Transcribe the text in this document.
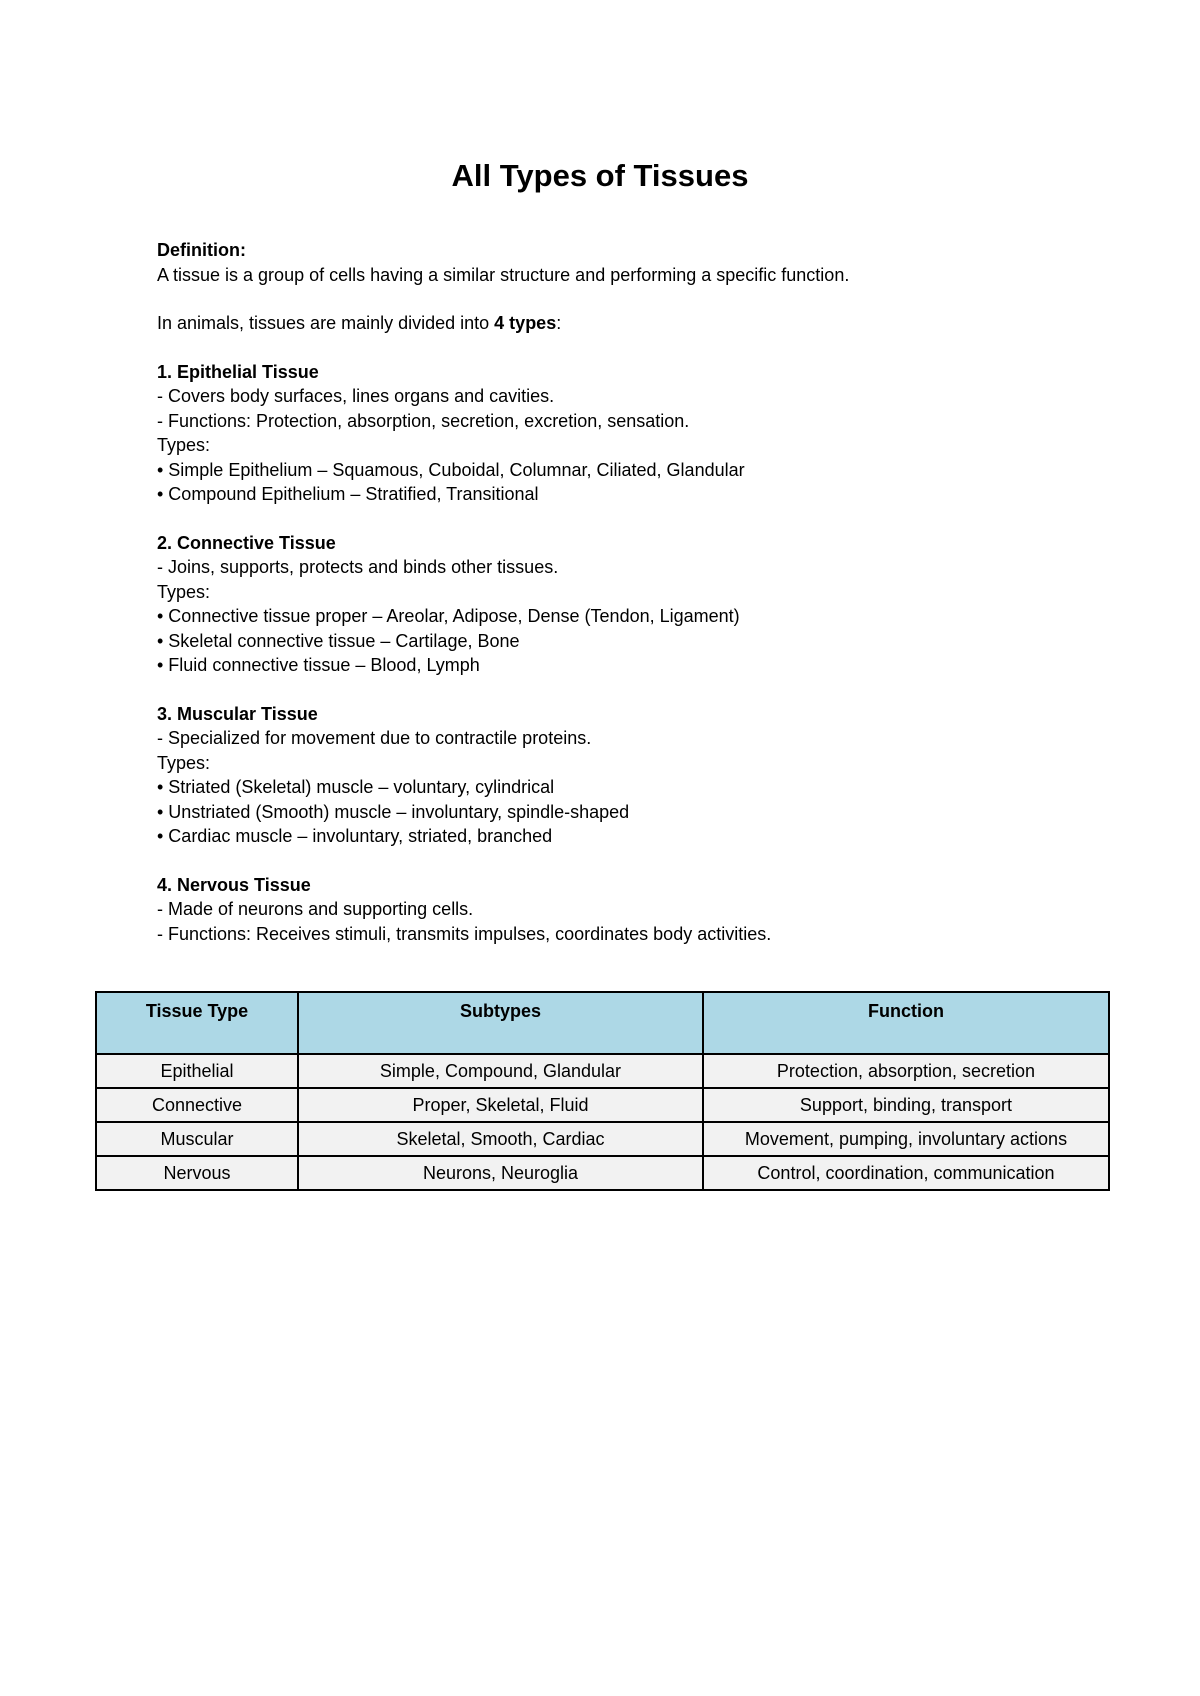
All Types of Tissues
Definition:
A tissue is a group of cells having a similar structure and performing a specific function.
In animals, tissues are mainly divided into 4 types:
1. Epithelial Tissue
- Covers body surfaces, lines organs and cavities.
- Functions: Protection, absorption, secretion, excretion, sensation.
Types:
• Simple Epithelium – Squamous, Cuboidal, Columnar, Ciliated, Glandular
• Compound Epithelium – Stratified, Transitional
2. Connective Tissue
- Joins, supports, protects and binds other tissues.
Types:
• Connective tissue proper – Areolar, Adipose, Dense (Tendon, Ligament)
• Skeletal connective tissue – Cartilage, Bone
• Fluid connective tissue – Blood, Lymph
3. Muscular Tissue
- Specialized for movement due to contractile proteins.
Types:
• Striated (Skeletal) muscle – voluntary, cylindrical
• Unstriated (Smooth) muscle – involuntary, spindle-shaped
• Cardiac muscle – involuntary, striated, branched
4. Nervous Tissue
- Made of neurons and supporting cells.
- Functions: Receives stimuli, transmits impulses, coordinates body activities.
Tissue Type	Subtypes	Function
Epithelial	Simple, Compound, Glandular	Protection, absorption, secretion
Connective	Proper, Skeletal, Fluid	Support, binding, transport
Muscular	Skeletal, Smooth, Cardiac	Movement, pumping, involuntary actions
Nervous	Neurons, Neuroglia	Control, coordination, communication
